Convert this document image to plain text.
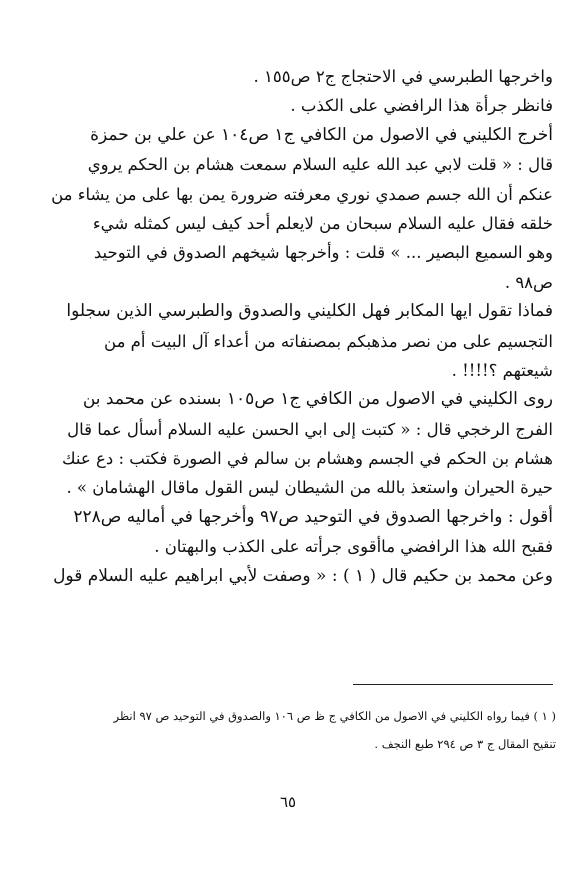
واخرجها الطبرسي في الاحتجاج ج٢ ص١٥٥ .
فانظر جرأة هذا الرافضي على الكذب .
أخرج الكليني في الاصول من الكافي ج١ ص١٠٤ عن علي بن حمزة
قال : « قلت لابي عبد الله عليه السلام سمعت هشام بن الحكم يروي
عنكم أن الله جسم صمدي نوري معرفته ضرورة يمن بها على من يشاء من
خلقه فقال عليه السلام سبحان من لايعلم أحد كيف ليس كمثله شيء
وهو السميع البصير ... » قلت : وأخرجها شيخهم الصدوق في التوحيد
ص٩٨ .
فماذا تقول ايها المكابر فهل الكليني والصدوق والطبرسي الذين سجلوا
التجسيم على من نصر مذهبكم بمصنفاته من أعداء آل البيت أم من
شيعتهم ؟!!!! .
روى الكليني في الاصول من الكافي ج١ ص١٠٥ بسنده عن محمد بن
الفرج الرخجي قال : « كتبت إلى ابي الحسن عليه السلام أسأل عما قال
هشام بن الحكم في الجسم وهشام بن سالم في الصورة فكتب : دع عنك
حيرة الحيران واستعذ بالله من الشيطان ليس القول ماقال الهشامان » .
أقول : واخرجها الصدوق في التوحيد ص٩٧ وأخرجها في أماليه ص٢٢٨
فقبح الله هذا الرافضي ماأقوى جرأته على الكذب والبهتان .
وعن محمد بن حكيم قال ( ١ ) : « وصفت لأبي ابراهيم عليه السلام قول
( ١ ) فيما رواه الكليني في الاصول من الكافي ج ظ ص ١٠٦ والصدوق في التوحيد ص ٩٧ انظر
تنقيح المقال ج ٣ ص ٢٩٤ طبع النجف .
٦٥
